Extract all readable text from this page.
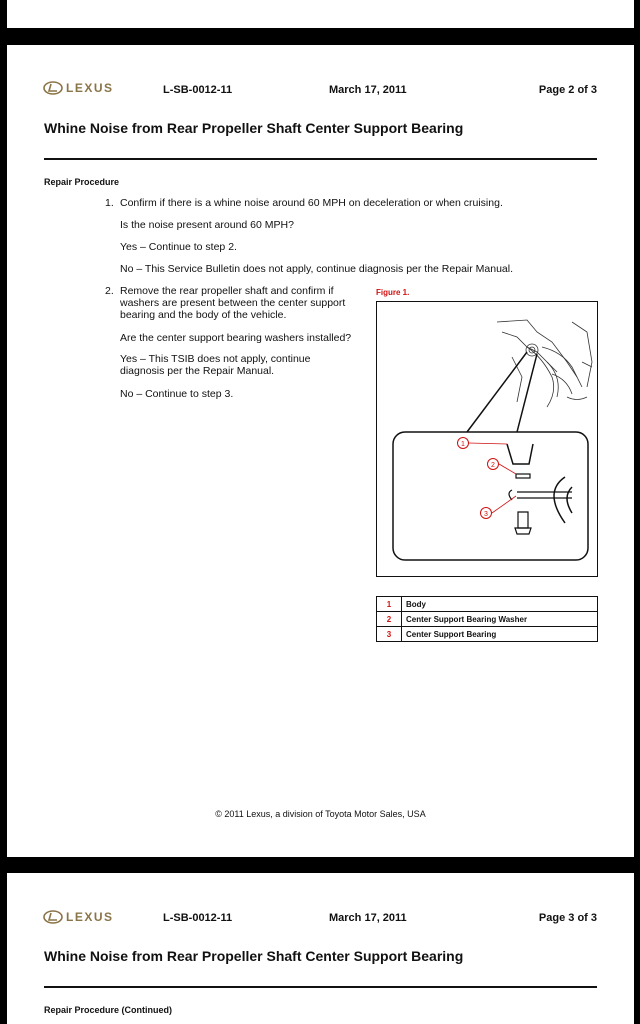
LEXUS	L-SB-0012-11	March 17, 2011	Page 2 of 3
Whine Noise from Rear Propeller Shaft Center Support Bearing
Repair Procedure
1. Confirm if there is a whine noise around 60 MPH on deceleration or when cruising.
Is the noise present around 60 MPH?
Yes – Continue to step 2.
No – This Service Bulletin does not apply, continue diagnosis per the Repair Manual.
2. Remove the rear propeller shaft and confirm if washers are present between the center support bearing and the body of the vehicle.
Are the center support bearing washers installed?
Yes – This TSIB does not apply, continue diagnosis per the Repair Manual.
No – Continue to step 3.
Figure 1.
1
2
3
1	Body
2	Center Support Bearing Washer
3	Center Support Bearing
© 2011 Lexus, a division of Toyota Motor Sales, USA
LEXUS	L-SB-0012-11	March 17, 2011	Page 3 of 3
Whine Noise from Rear Propeller Shaft Center Support Bearing
Repair Procedure (Continued)
